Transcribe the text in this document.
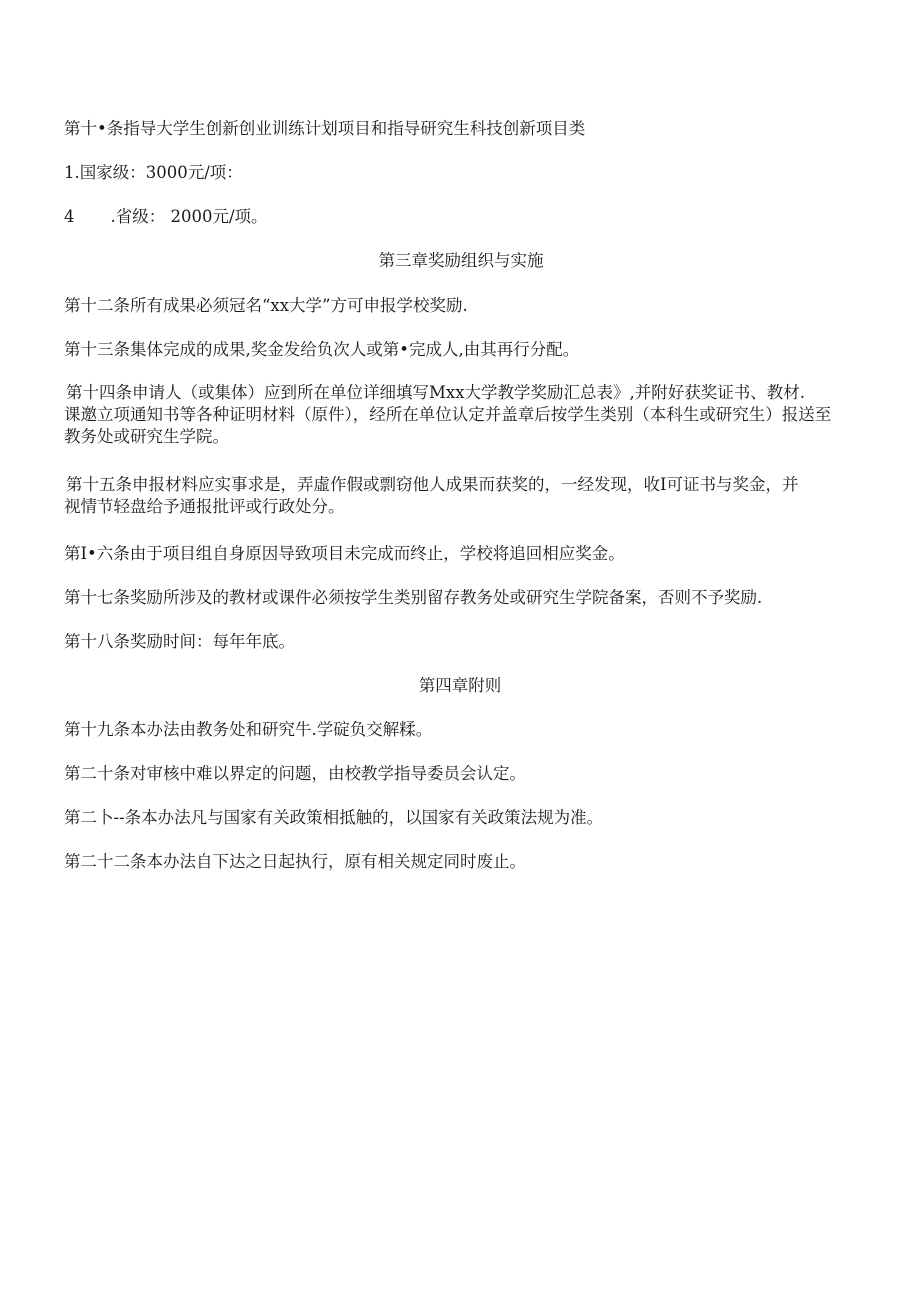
第十•条指导大学生创新创业训练计划项目和指导研究生科技创新项目类
1.国家级：3000元/项：
4 .省级： 2000元/项。
第三章奖励组织与实施
第十二条所有成果必须冠名“xx大学”方可申报学校奖励.
第十三条集体完成的成果,奖金发给负次人或第•完成人,由其再行分配。
第十四条申请人（或集体）应到所在单位详细填写Mxx大学教学奖励汇总表》,并附好获奖证书、教材.
课邀立项通知书等各种证明材料（原件），经所在单位认定并盖章后按学生类别（本科生或研究生）报送至
教务处或研究生学院。
第十五条申报材料应实事求是，弄虛作假或剽窃他人成果而获奖的，一经发现，收I可证书与奖金，并
视情节轻盘给予通报批评或行政处分。
第I•六条由于项目组自身原因导致项目未完成而终止，学校将追回相应奖金。
第十七条奖励所涉及的教材或课件必须按学生类别留存教务处或研究生学院备案，否则不予奖励.
第十八条奖励时间：每年年底。
第四章附则
第十九条本办法由教务处和研究牛.学碇负交解糅。
第二十条对审核中难以界定的问题，由校教学指导委员会认定。
第二卜--条本办法凡与国家有关政策相抵触的，以国家有关政策法规为准。
第二十二条本办法自下达之日起执行，原有相关规定同时废止。
